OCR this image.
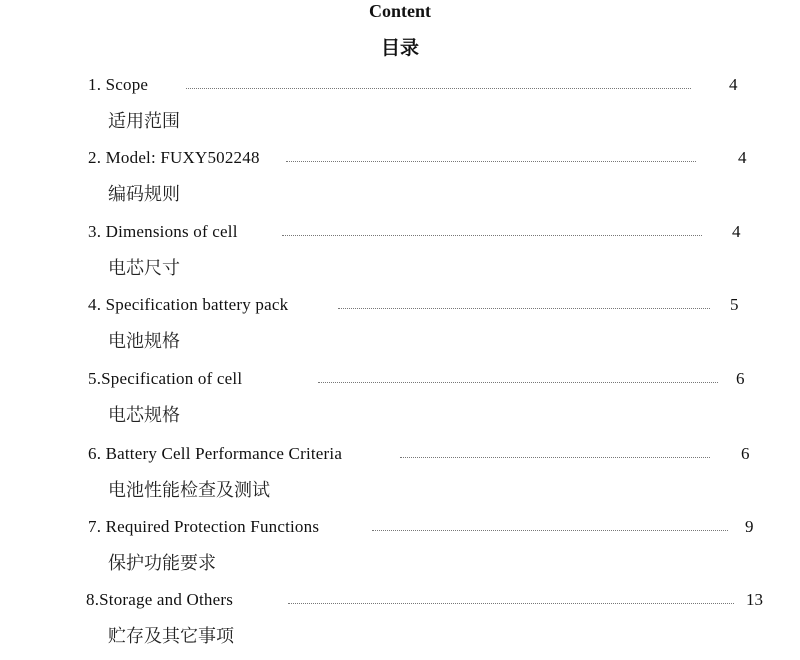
Content
目录
1. Scope	4
适用范围
2. Model: FUXY502248	4
编码规则
3. Dimensions of cell	4
电芯尺寸
4. Specification battery pack	5
电池规格
5.Specification of cell	6
电芯规格
6. Battery Cell Performance Criteria	6
电池性能检查及测试
7. Required Protection Functions	9
保护功能要求
8.Storage and Others	13
贮存及其它事项
